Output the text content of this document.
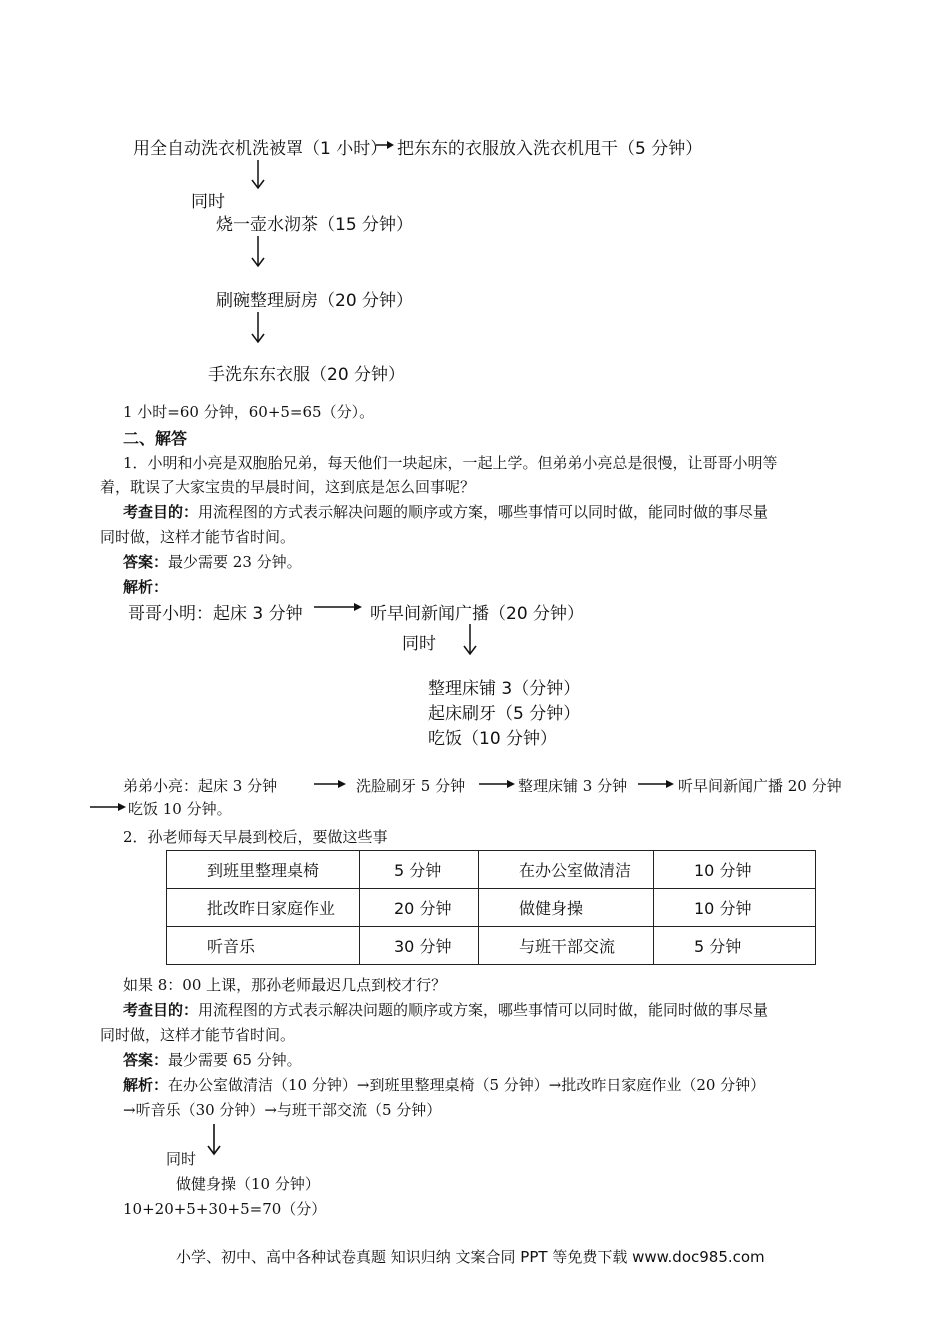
用全自动洗衣机洗被罩（1 小时） 把东东的衣服放入洗衣机甩干（5 分钟）
同时
烧一壶水沏茶（15 分钟）
刷碗整理厨房（20 分钟）
手洗东东衣服（20 分钟）
1 小时=60 分钟，60+5=65（分）。
二、解答
1．小明和小亮是双胞胎兄弟，每天他们一块起床，一起上学。但弟弟小亮总是很慢，让哥哥小明等
着，耽误了大家宝贵的早晨时间，这到底是怎么回事呢？
考查目的：用流程图的方式表示解决问题的顺序或方案，哪些事情可以同时做，能同时做的事尽量
同时做，这样才能节省时间。
答案：最少需要 23 分钟。
解析：
哥哥小明：起床 3 分钟	听早间新闻广播（20 分钟）
同时
整理床铺 3（分钟）
起床刷牙（5 分钟）
吃饭（10 分钟）
弟弟小亮：起床 3 分钟	洗脸刷牙 5 分钟	整理床铺 3 分钟	听早间新闻广播 20 分钟
吃饭 10 分钟。
2．孙老师每天早晨到校后，要做这些事
到班里整理桌椅	5 分钟	在办公室做清洁	10 分钟
批改昨日家庭作业	20 分钟	做健身操	10 分钟
听音乐	30 分钟	与班干部交流	5 分钟
如果 8：00 上课，那孙老师最迟几点到校才行？
考查目的：用流程图的方式表示解决问题的顺序或方案，哪些事情可以同时做，能同时做的事尽量
同时做，这样才能节省时间。
答案：最少需要 65 分钟。
解析：在办公室做清洁（10 分钟）→到班里整理桌椅（5 分钟）→批改昨日家庭作业（20 分钟）
→听音乐（30 分钟）→与班干部交流（5 分钟）
同时
做健身操（10 分钟）
10+20+5+30+5=70（分）
小学、初中、高中各种试卷真题 知识归纳 文案合同 PPT 等免费下载 www.doc985.com
